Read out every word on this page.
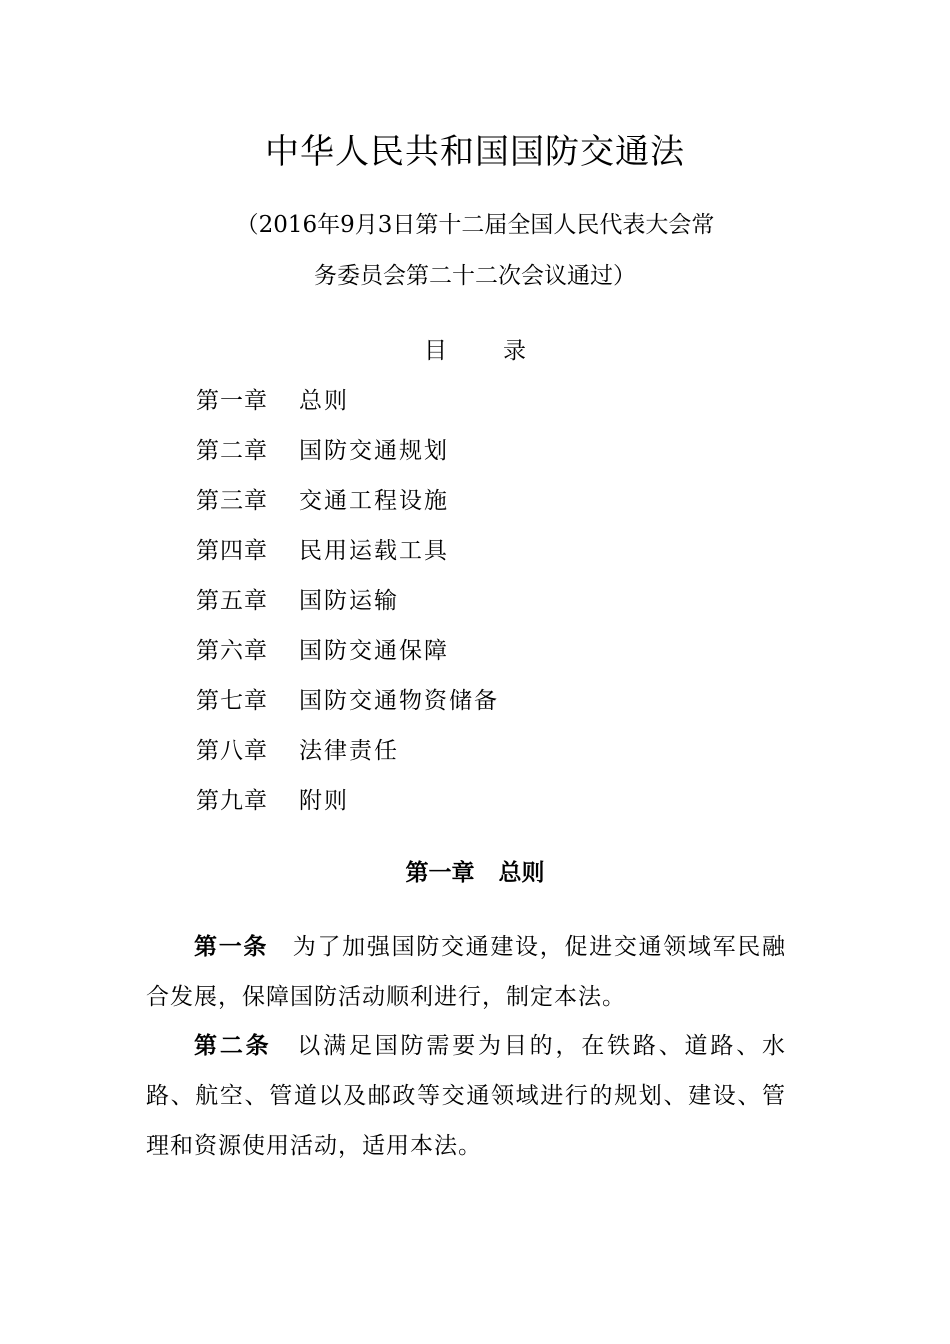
中华人民共和国国防交通法
（2016年9月3日第十二届全国人民代表大会常
务委员会第二十二次会议通过）
目 录
第一章 总则
第二章 国防交通规划
第三章 交通工程设施
第四章 民用运载工具
第五章 国防运输
第六章 国防交通保障
第七章 国防交通物资储备
第八章 法律责任
第九章 附则
第一章 总则

第一条 为了加强国防交通建设，促进交通领域军民融合发展，保障国防活动顺利进行，制定本法。

第二条 以满足国防需要为目的，在铁路、道路、水路、航空、管道以及邮政等交通领域进行的规划、建设、管理和资源使用活动，适用本法。
